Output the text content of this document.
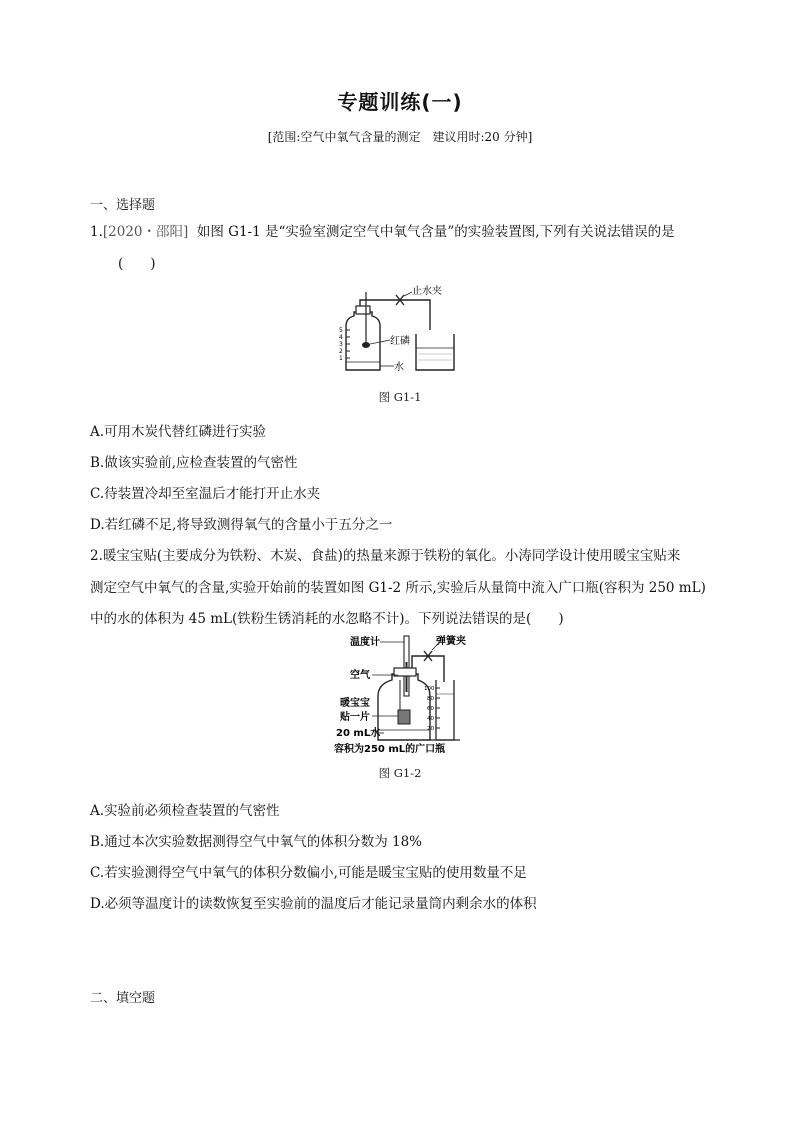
专题训练(一)
[范围:空气中氧气含量的测定　建议用时:20 分钟]
一、选择题
1.[2020・邵阳] 如图 G1-1 是“实验室测定空气中氧气含量”的实验装置图,下列有关说法错误的是
(　　)
5
4
3
2
1
红磷
止水夹
水
图 G1-1
A.可用木炭代替红磷进行实验
B.做该实验前,应检查装置的气密性
C.待装置冷却至室温后才能打开止水夹
D.若红磷不足,将导致测得氧气的含量小于五分之一
2.暖宝宝贴(主要成分为铁粉、木炭、食盐)的热量来源于铁粉的氧化。小涛同学设计使用暖宝宝贴来
测定空气中氧气的含量,实验开始前的装置如图 G1-2 所示,实验后从量筒中流入广口瓶(容积为 250 mL)
中的水的体积为 45 mL(铁粉生锈消耗的水忽略不计)。下列说法错误的是(　　)
温度计
空气
暖宝宝
贴一片
20 mL水
弹簧夹
100
80
60
40
20
容积为250 mL的广口瓶
图 G1-2
A.实验前必须检查装置的气密性
B.通过本次实验数据测得空气中氧气的体积分数为 18%
C.若实验测得空气中氧气的体积分数偏小,可能是暖宝宝贴的使用数量不足
D.必须等温度计的读数恢复至实验前的温度后才能记录量筒内剩余水的体积
二、填空题
